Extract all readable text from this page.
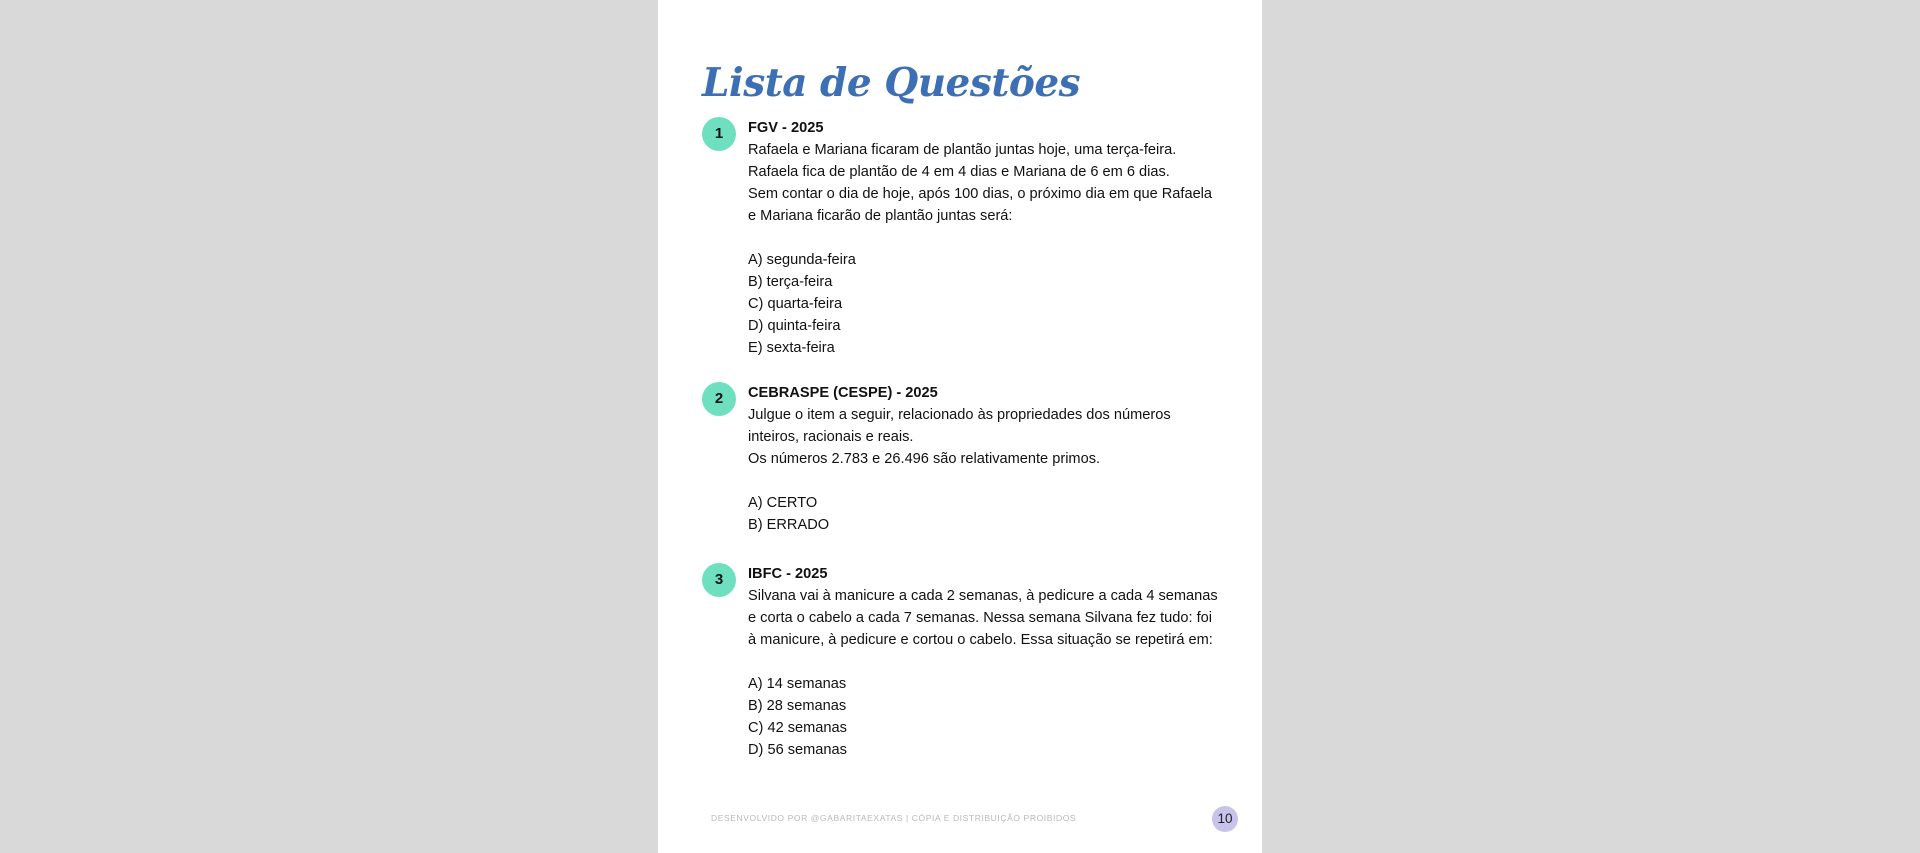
Lista de Questões
1	FGV - 2025
Rafaela e Mariana ficaram de plantão juntas hoje, uma terça-feira.
Rafaela fica de plantão de 4 em 4 dias e Mariana de 6 em 6 dias.
Sem contar o dia de hoje, após 100 dias, o próximo dia em que Rafaela
e Mariana ficarão de plantão juntas será:
A) segunda-feira
B) terça-feira
C) quarta-feira
D) quinta-feira
E) sexta-feira
2	CEBRASPE (CESPE) - 2025
Julgue o item a seguir, relacionado às propriedades dos números
inteiros, racionais e reais.
Os números 2.783 e 26.496 são relativamente primos.
A) CERTO
B) ERRADO
3	IBFC - 2025
Silvana vai à manicure a cada 2 semanas, à pedicure a cada 4 semanas
e corta o cabelo a cada 7 semanas. Nessa semana Silvana fez tudo: foi
à manicure, à pedicure e cortou o cabelo. Essa situação se repetirá em:
A) 14 semanas
B) 28 semanas
C) 42 semanas
D) 56 semanas
DESENVOLVIDO POR @GABARITAEXATAS | CÓPIA E DISTRIBUIÇÃO PROIBIDOS	10
